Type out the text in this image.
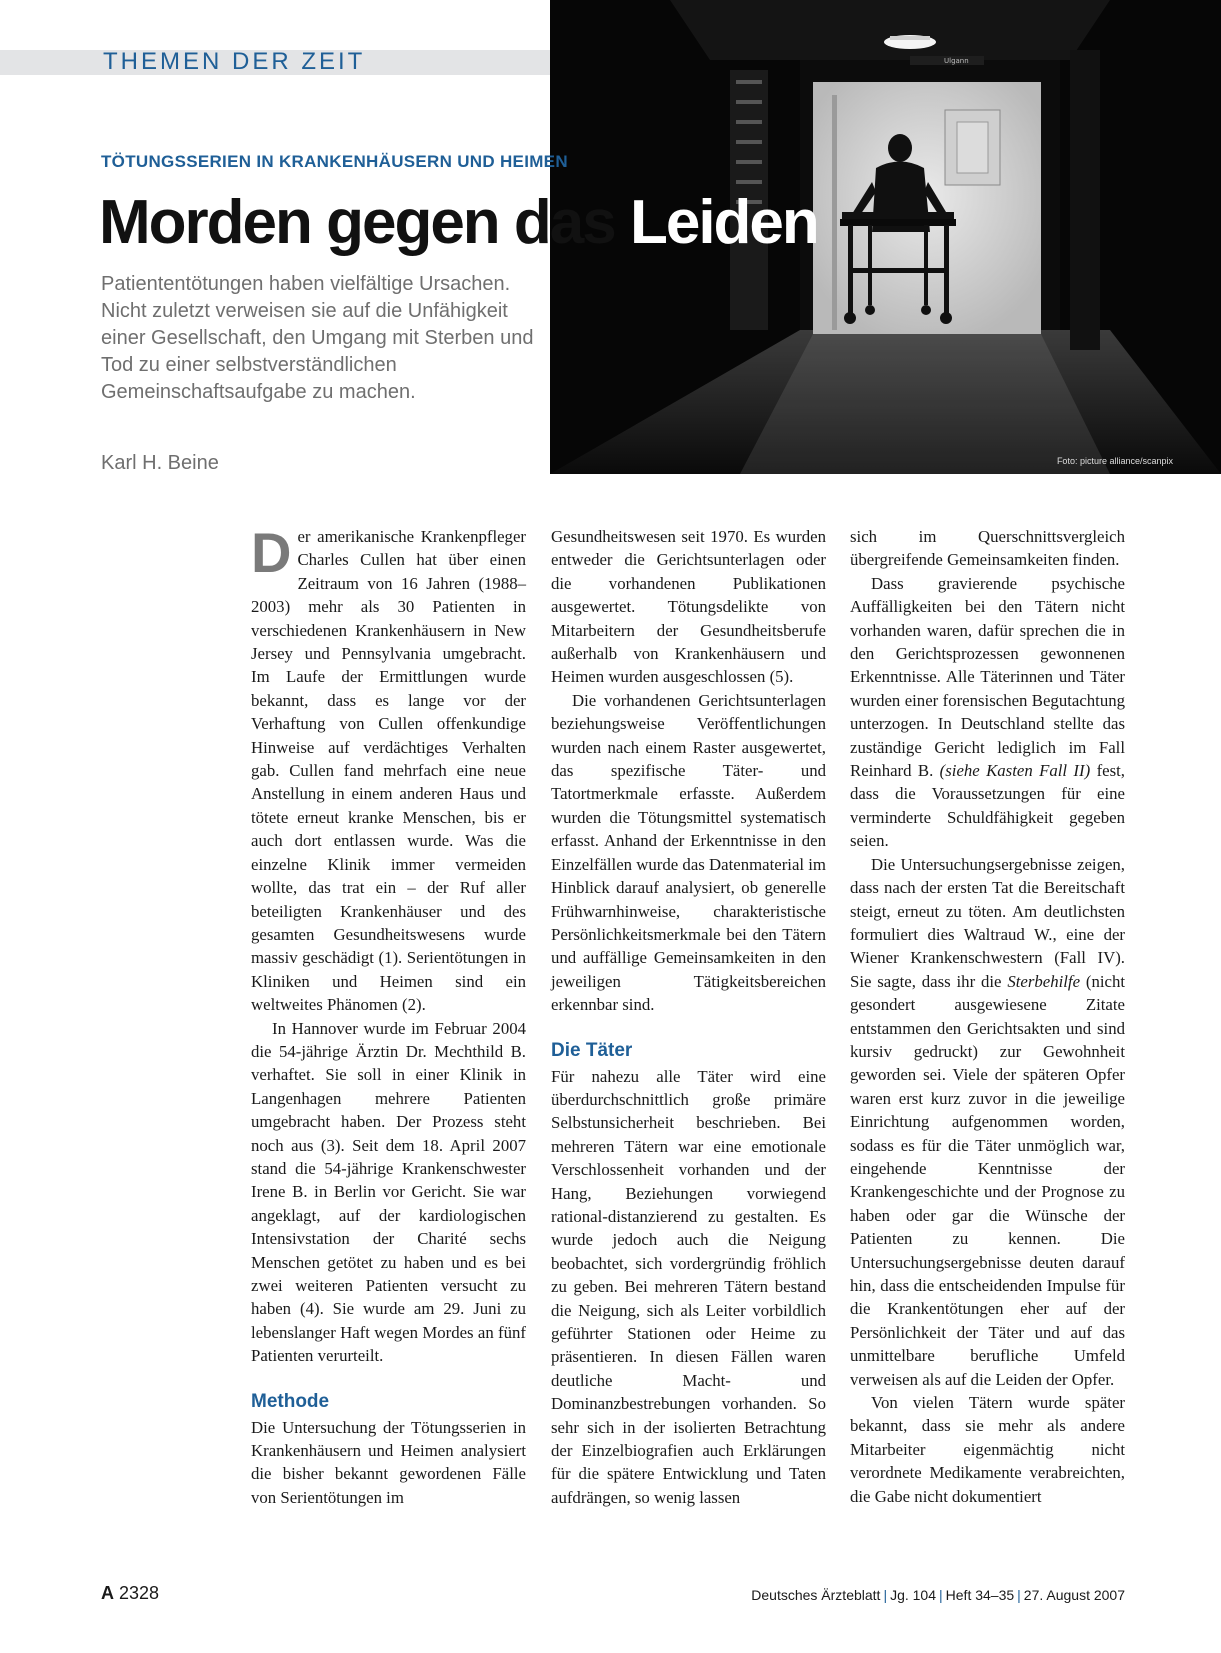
THEMEN DER ZEIT	Ulgann
Foto: picture alliance/scanpix
TÖTUNGSSERIEN IN KRANKENHÄUSERN UND HEIMEN
Morden gegen das Leiden

Patiententötungen haben vielfältige Ursachen. Nicht zuletzt verweisen sie auf die Unfähigkeit einer Gesellschaft, den Umgang mit Sterben und Tod zu einer selbstverständlichen Gemeinschaftsaufgabe zu machen.

Karl H. Beine

Der amerikanische Krankenpfleger Charles Cullen hat über einen Zeitraum von 16 Jahren (1988–2003) mehr als 30 Patienten in verschiedenen Krankenhäusern in New Jersey und Pennsylvania umgebracht. Im Laufe der Ermittlungen wurde bekannt, dass es lange vor der Verhaftung von Cullen offenkundige Hinweise auf verdächtiges Verhalten gab. Cullen fand mehrfach eine neue Anstellung in einem anderen Haus und tötete erneut kranke Menschen, bis er auch dort entlassen wurde. Was die einzelne Klinik immer vermeiden wollte, das trat ein – der Ruf aller beteiligten Krankenhäuser und des gesamten Gesundheitswesens wurde massiv geschädigt (1). Serientötungen in Kliniken und Heimen sind ein weltweites Phänomen (2).

In Hannover wurde im Februar 2004 die 54-jährige Ärztin Dr. Mechthild B. verhaftet. Sie soll in einer Klinik in Langenhagen mehrere Patienten umgebracht haben. Der Prozess steht noch aus (3). Seit dem 18. April 2007 stand die 54-jährige Krankenschwester Irene B. in Berlin vor Gericht. Sie war angeklagt, auf der kardiologischen Intensivstation der Charité sechs Menschen getötet zu haben und es bei zwei weiteren Patienten versucht zu haben (4). Sie wurde am 29. Juni zu lebenslanger Haft wegen Mordes an fünf Patienten verurteilt.

Methode

Die Untersuchung der Tötungsserien in Krankenhäusern und Heimen analysiert die bisher bekannt gewordenen Fälle von Serientötungen im

Gesundheitswesen seit 1970. Es wurden entweder die Gerichtsunterlagen oder die vorhandenen Publikationen ausgewertet. Tötungsdelikte von Mitarbeitern der Gesundheitsberufe außerhalb von Krankenhäusern und Heimen wurden ausgeschlossen (5).

Die vorhandenen Gerichtsunterlagen beziehungsweise Veröffentlichungen wurden nach einem Raster ausgewertet, das spezifische Täter- und Tatortmerkmale erfasste. Außerdem wurden die Tötungsmittel systematisch erfasst. Anhand der Erkenntnisse in den Einzelfällen wurde das Datenmaterial im Hinblick darauf analysiert, ob generelle Frühwarnhinweise, charakteristische Persönlichkeitsmerkmale bei den Tätern und auffällige Gemeinsamkeiten in den jeweiligen Tätigkeitsbereichen erkennbar sind.

Die Täter

Für nahezu alle Täter wird eine überdurchschnittlich große primäre Selbstunsicherheit beschrieben. Bei mehreren Tätern war eine emotionale Verschlossenheit vorhanden und der Hang, Beziehungen vorwiegend rational-distanzierend zu gestalten. Es wurde jedoch auch die Neigung beobachtet, sich vordergründig fröhlich zu geben. Bei mehreren Tätern bestand die Neigung, sich als Leiter vorbildlich geführter Stationen oder Heime zu präsentieren. In diesen Fällen waren deutliche Macht- und Dominanzbestrebungen vorhanden. So sehr sich in der isolierten Betrachtung der Einzelbiografien auch Erklärungen für die spätere Entwicklung und Taten aufdrängen, so wenig lassen

sich im Querschnittsvergleich übergreifende Gemeinsamkeiten finden.

Dass gravierende psychische Auffälligkeiten bei den Tätern nicht vorhanden waren, dafür sprechen die in den Gerichtsprozessen gewonnenen Erkenntnisse. Alle Täterinnen und Täter wurden einer forensischen Begutachtung unterzogen. In Deutschland stellte das zuständige Gericht lediglich im Fall Reinhard B. (siehe Kasten Fall II) fest, dass die Voraussetzungen für eine verminderte Schuldfähigkeit gegeben seien.

Die Untersuchungsergebnisse zeigen, dass nach der ersten Tat die Bereitschaft steigt, erneut zu töten. Am deutlichsten formuliert dies Waltraud W., eine der Wiener Krankenschwestern (Fall IV). Sie sagte, dass ihr die Sterbehilfe (nicht gesondert ausgewiesene Zitate entstammen den Gerichtsakten und sind kursiv gedruckt) zur Gewohnheit geworden sei. Viele der späteren Opfer waren erst kurz zuvor in die jeweilige Einrichtung aufgenommen worden, sodass es für die Täter unmöglich war, eingehende Kenntnisse der Krankengeschichte und der Prognose zu haben oder gar die Wünsche der Patienten zu kennen. Die Untersuchungsergebnisse deuten darauf hin, dass die entscheidenden Impulse für die Krankentötungen eher auf der Persönlichkeit der Täter und auf das unmittelbare berufliche Umfeld verweisen als auf die Leiden der Opfer.

Von vielen Tätern wurde später bekannt, dass sie mehr als andere Mitarbeiter eigenmächtig nicht verordnete Medikamente verabreichten, die Gabe nicht dokumentiert

A 2328	Deutsches Ärzteblatt | Jg. 104 | Heft 34–35 | 27. August 2007
